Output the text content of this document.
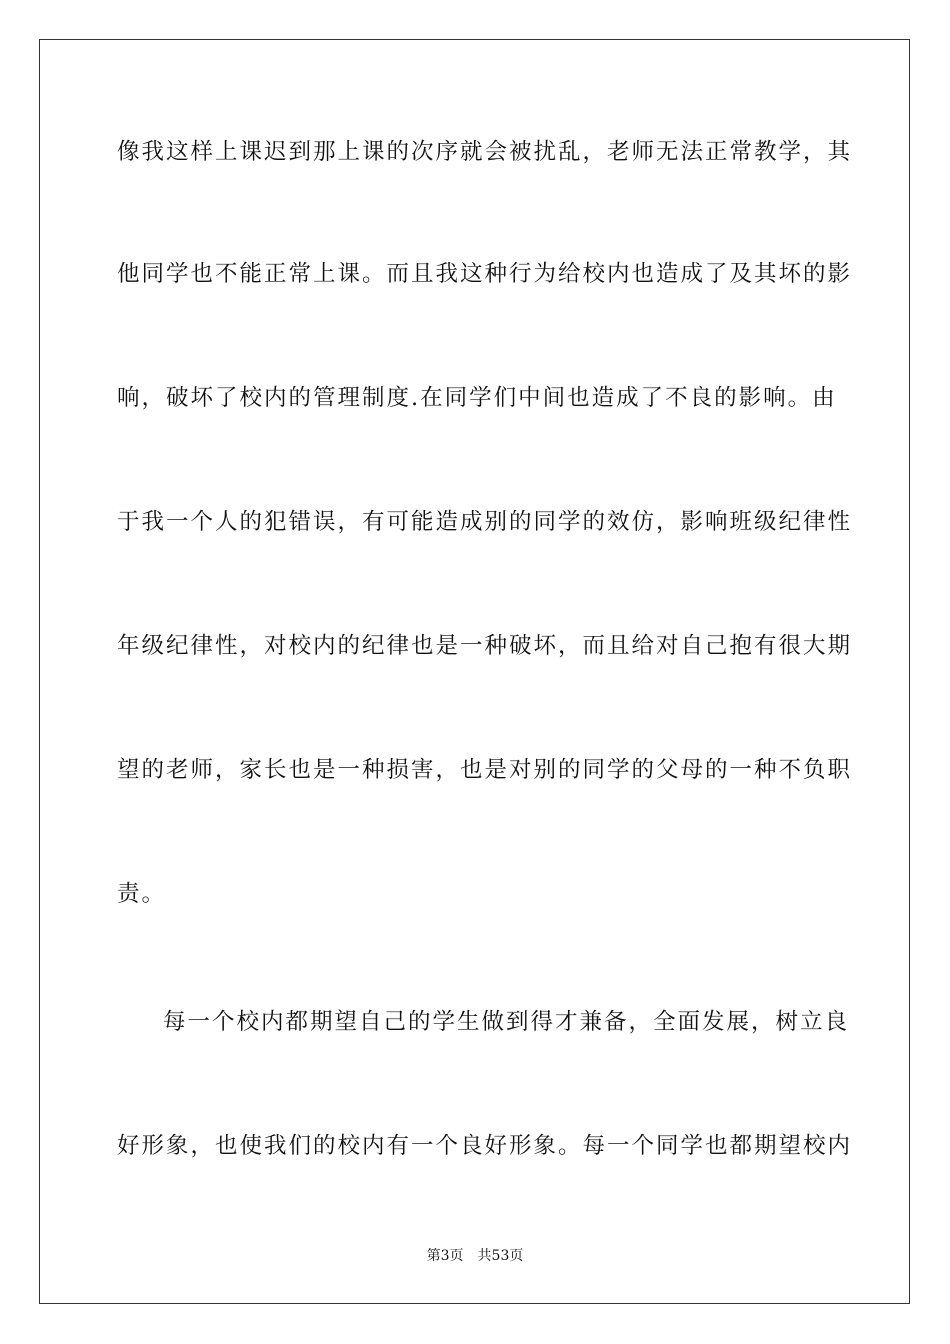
像我这样上课迟到那上课的次序就会被扰乱，老师无法正常教学，其
他同学也不能正常上课。而且我这种行为给校内也造成了及其坏的影
响，破坏了校内的管理制度.在同学们中间也造成了不良的影响。由
于我一个人的犯错误，有可能造成别的同学的效仿，影响班级纪律性
年级纪律性，对校内的纪律也是一种破坏，而且给对自己抱有很大期
望的老师，家长也是一种损害，也是对别的同学的父母的一种不负职
责。
每一个校内都期望自己的学生做到得才兼备，全面发展，树立良
好形象，也使我们的校内有一个良好形象。每一个同学也都期望校内
第3页 共53页
